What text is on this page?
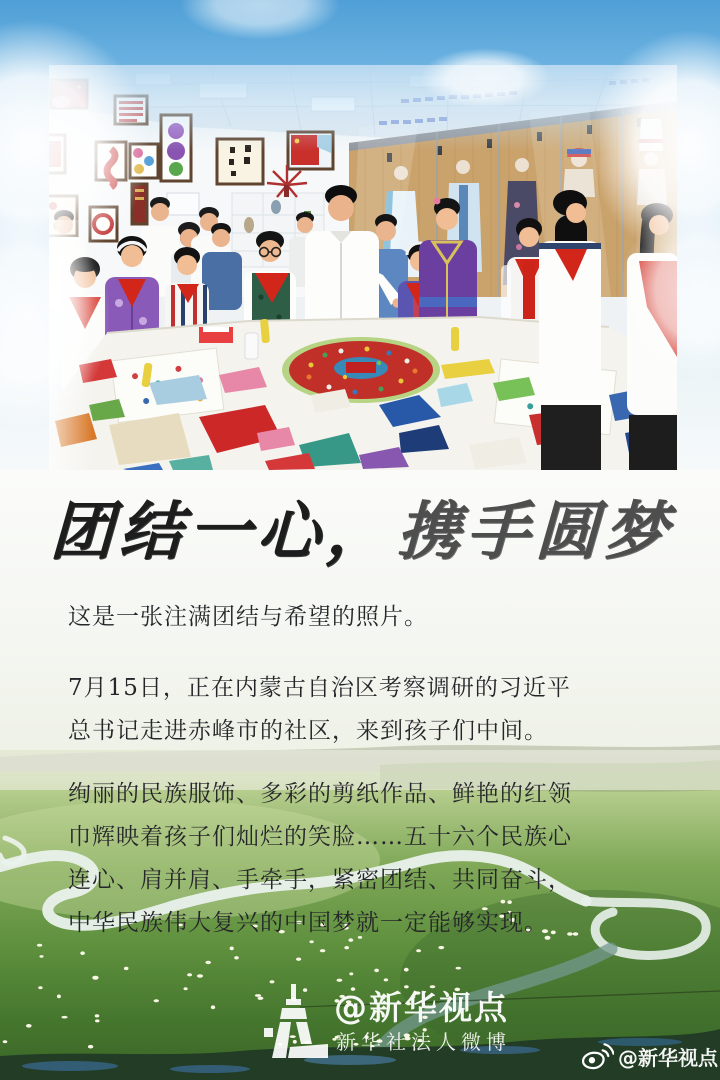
团结一心， 携手圆梦
这是一张注满团结与希望的照片。
7月15日，正在内蒙古自治区考察调研的习近平
总书记走进赤峰市的社区，来到孩子们中间。
绚丽的民族服饰、多彩的剪纸作品、鲜艳的红领
巾辉映着孩子们灿烂的笑脸……五十六个民族心
连心、肩并肩、手牵手，紧密团结、共同奋斗，
中华民族伟大复兴的中国梦就一定能够实现。
@新华视点
新华社法人微博
@新华视点
